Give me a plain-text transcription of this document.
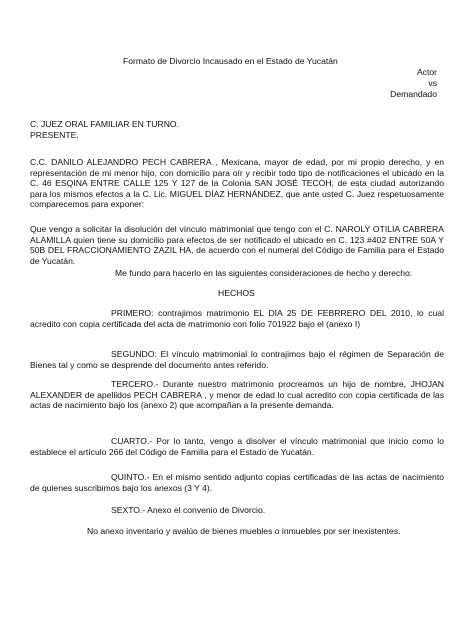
Formato de Divorcio Incausado en el Estado de Yucatán
Actor
vs
Demandado
C. JUEZ ORAL FAMILIAR EN TURNO.
PRESENTE.
C.C. DANILO ALEJANDRO PECH CABRERA , Mexicana, mayor de edad, por mi propio derecho, y en representación de mi menor hijo, con domicilio para oír y recibir todo tipo de notificaciones el ubicado en la C. 46 ESQINA ENTRE CALLE 125 Y 127 de la Colonia SAN JOSÉ TECOH, de esta ciudad autorizando para los mismos efectos a la C. Lic. MIGUEL DÍAZ HERNÁNDEZ, que ante usted C. Juez respetuosamente comparecemos para exponer:
Que vengo a solicitar la disolución del vínculo matrimonial que tengo con el C. NAROLY OTILIA CABRERA ALAMILLA quien tiene su domicilio para efectos de ser notificado el ubicado en C. 123 #402 ENTRE 50A Y 50B DEL FRACCIONAMIENTO ZAZIL HA, de acuerdo con el numeral del Código de Familia para el Estado de Yucatán.
Me fundo para hacerlo en las siguientes consideraciones de hecho y derecho:
HECHOS
PRIMERO: contrajimos matrimonio EL DIA 25 DE FEBRRERO DEL 2010, lo cual acredito con copia certificada del acta de matrimonio con folio 701922 bajo el (anexo I)
SEGUNDO: El vínculo matrimonial lo contrajimos bajo el régimen de Separación de Bienes tal y como se desprende del documento antes referido.
TERCERO.- Durante nuestro matrimonio procreamos un hijo de nombre, JHOJAN ALEXANDER de apellidos PECH CABRERA , y menor de edad lo cual acredito con copia certificada de las actas de nacimiento bajo los (anexo 2) que acompañan a la presente demanda.
CUARTO.- Por lo tanto, vengo a disolver el vínculo matrimonial que inicio como lo establece el artículo 266 del Código de Familia para el Estado de Yucatán.
QUINTO.- En el mismo sentido adjunto copias certificadas de las actas de nacimiento de quienes suscribimos bajo los anexos (3 Y 4).
SEXTO.- Anexo el convenio de Divorcio.
No anexo inventario y avalúo de bienes muebles o inmuebles por ser inexistentes.
